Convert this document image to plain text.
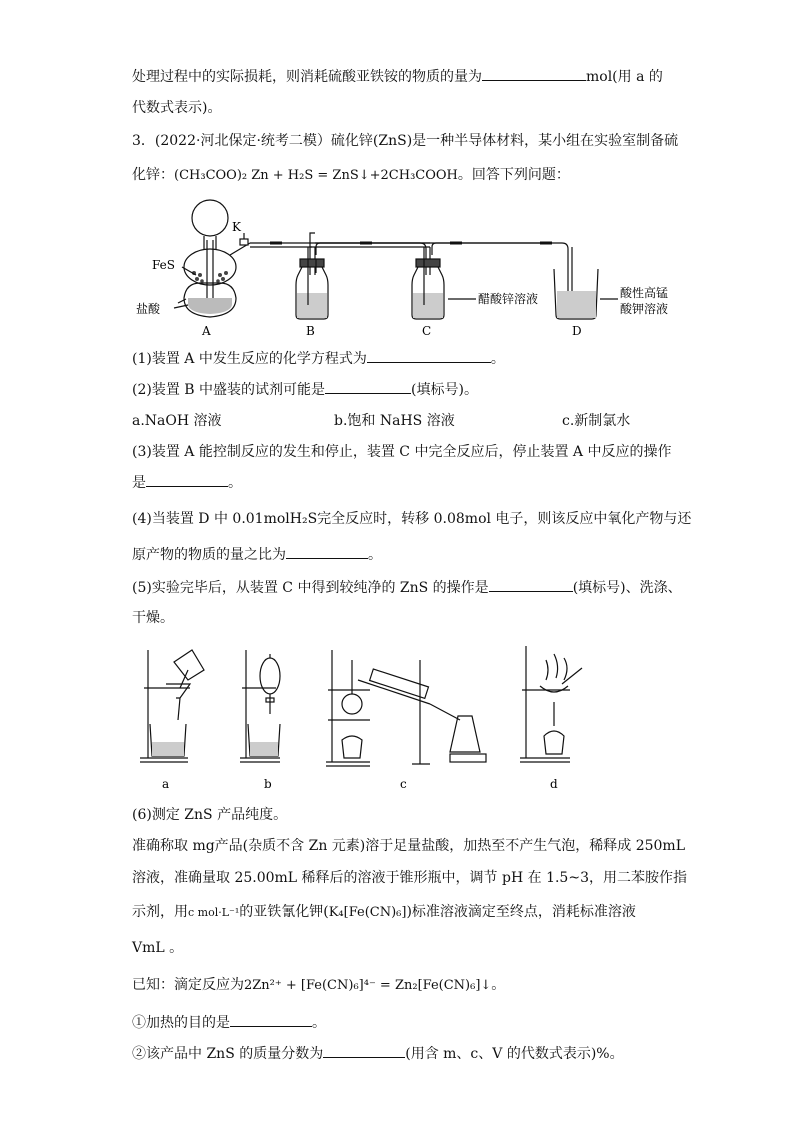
处理过程中的实际损耗，则消耗硫酸亚铁铵的物质的量为	mol(用 a 的
代数式表示)。
3．(2022·河北保定·统考二模）硫化锌(ZnS)是一种半导体材料，某小组在实验室制备硫
化锌：(CH₃COO)₂ Zn + H₂S = ZnS↓+2CH₃COOH。回答下列问题：
K
FeS
盐酸
A	B	C	D
醋酸锌溶液	酸性高锰
酸钾溶液
(1)装置 A 中发生反应的化学方程式为	。
(2)装置 B 中盛装的试剂可能是	(填标号)。
a.NaOH 溶液	b.饱和 NaHS 溶液	c.新制氯水
(3)装置 A 能控制反应的发生和停止，装置 C 中完全反应后，停止装置 A 中反应的操作
是	。
(4)当装置 D 中 0.01molH₂S完全反应时，转移 0.08mol 电子，则该反应中氧化产物与还
原产物的物质的量之比为	。
(5)实验完毕后，从装置 C 中得到较纯净的 ZnS 的操作是	(填标号)、洗涤、
干燥。
a	b	c	d
(6)测定 ZnS 产品纯度。
准确称取 mg产品(杂质不含 Zn 元素)溶于足量盐酸，加热至不产生气泡，稀释成 250mL
溶液，准确量取 25.00mL 稀释后的溶液于锥形瓶中，调节 pH 在 1.5~3，用二苯胺作指
示剂，用c mol·L⁻¹的亚铁氰化钾(K₄[Fe(CN)₆])标准溶液滴定至终点，消耗标准溶液
VmL 。
已知：滴定反应为2Zn²⁺ + [Fe(CN)₆]⁴⁻ = Zn₂[Fe(CN)₆]↓。
①加热的目的是	。
②该产品中 ZnS 的质量分数为	(用含 m、c、V 的代数式表示)%。
